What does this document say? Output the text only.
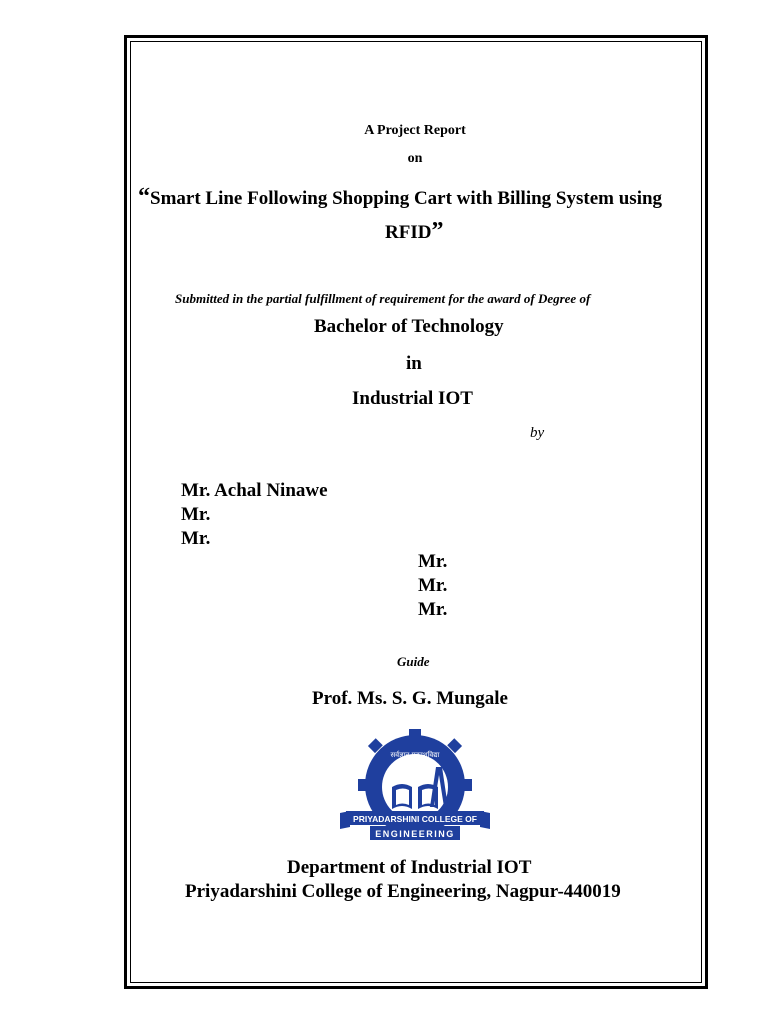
A Project Report
on
“Smart Line Following Shopping Cart with Billing System using
RFID”
Submitted in the partial fulfillment of requirement for the award of Degree of
Bachelor of Technology
in
Industrial IOT
by
Mr. Achal Ninawe
Mr.
Mr.
Mr.
Mr.
Mr.
Guide
Prof. Ms. S. G. Mungale
PRIYADARSHINI COLLEGE OF
ENGINEERING
सर्वज्ञान प्रकाशविद्या
Department of Industrial IOT
Priyadarshini College of Engineering, Nagpur-440019
